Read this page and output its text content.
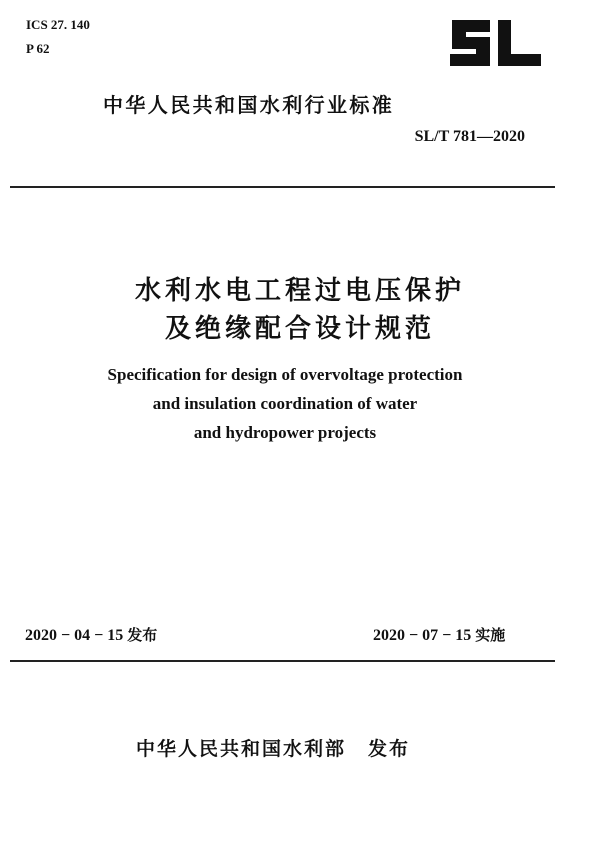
ICS 27. 140
P 62
中华人民共和国水利行业标准
SL/T 781—2020
水利水电工程过电压保护
及绝缘配合设计规范
Specification for design of overvoltage protection
and insulation coordination of water
and hydropower projects
2020 − 04 − 15 发布	2020 − 07 − 15 实施
中华人民共和国水利部 发布
